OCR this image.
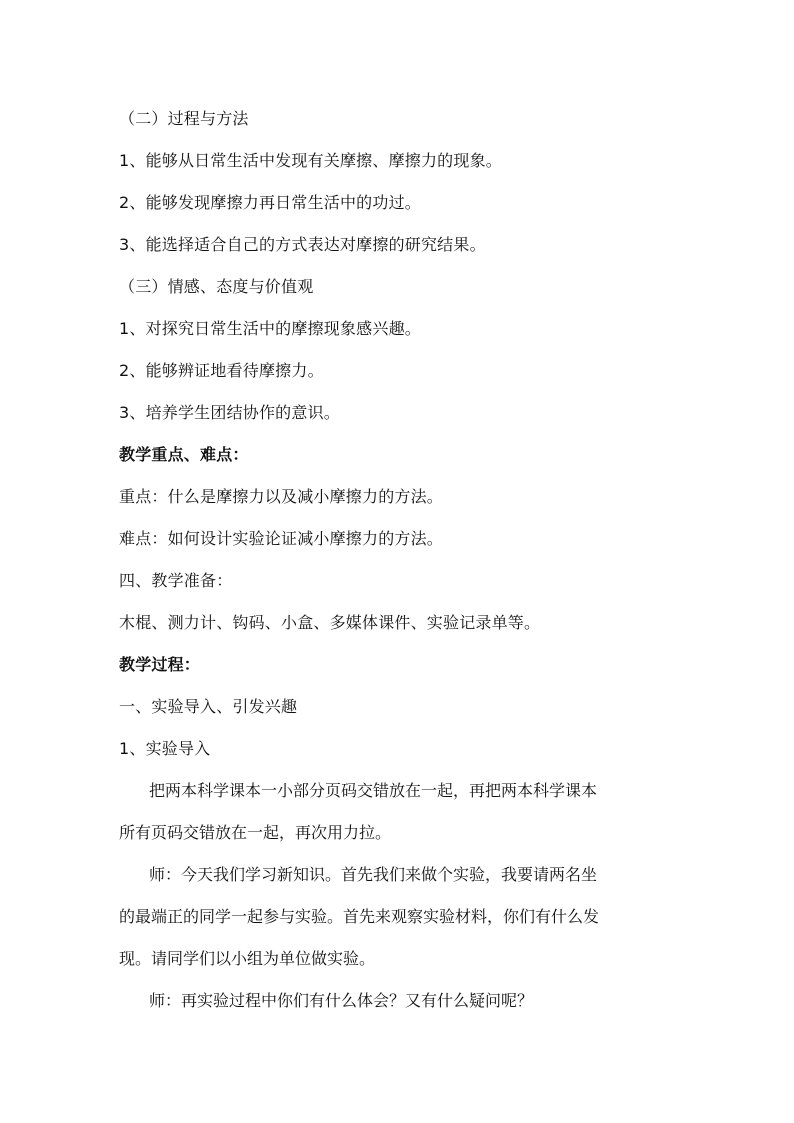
（二）过程与方法
1、能够从日常生活中发现有关摩擦、摩擦力的现象。
2、能够发现摩擦力再日常生活中的功过。
3、能选择适合自己的方式表达对摩擦的研究结果。
（三）情感、态度与价值观
1、对探究日常生活中的摩擦现象感兴趣。
2、能够辨证地看待摩擦力。
3、培养学生团结协作的意识。
教学重点、难点：
重点：什么是摩擦力以及减小摩擦力的方法。
难点：如何设计实验论证减小摩擦力的方法。
四、教学准备：
木棍、测力计、钩码、小盒、多媒体课件、实验记录单等。
教学过程：
一、实验导入、引发兴趣
1、实验导入
把两本科学课本一小部分页码交错放在一起，再把两本科学课本
所有页码交错放在一起，再次用力拉。
师：今天我们学习新知识。首先我们来做个实验，我要请两名坐
的最端正的同学一起参与实验。首先来观察实验材料，你们有什么发
现。请同学们以小组为单位做实验。
师：再实验过程中你们有什么体会？又有什么疑问呢？
